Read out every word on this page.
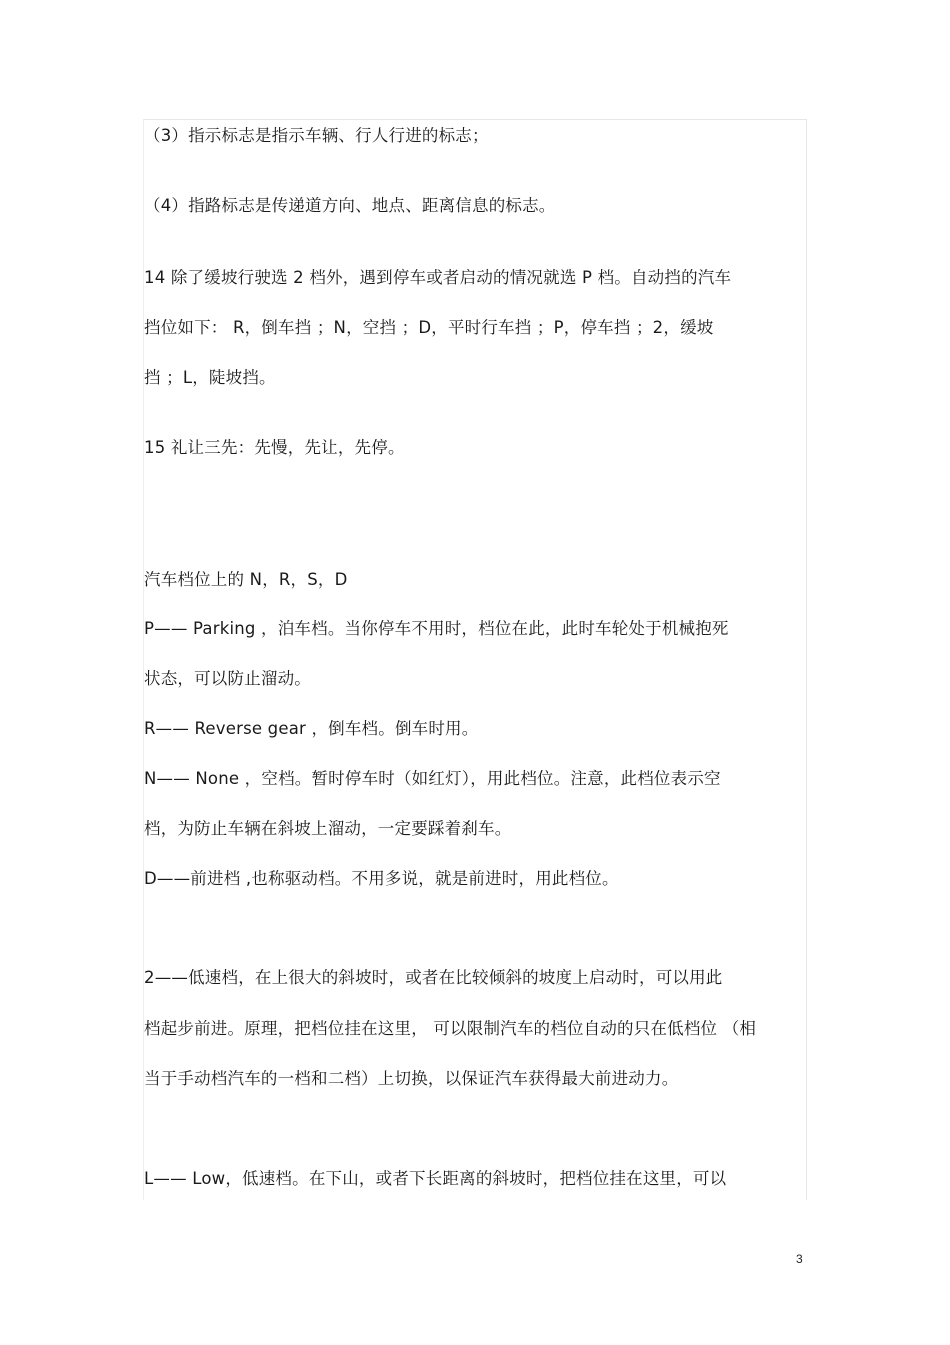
（3）指示标志是指示车辆、行人行进的标志；
（4）指路标志是传递道方向、地点、距离信息的标志。
14 除了缓坡行驶选 2 档外，遇到停车或者启动的情况就选 P 档。自动挡的汽车
挡位如下： R，倒车挡 ；N，空挡 ；D，平时行车挡 ；P，停车挡 ；2，缓坡
挡 ；L，陡坡挡。
15 礼让三先：先慢，先让，先停。
汽车档位上的 N，R，S，D
P—— Parking ，泊车档。当你停车不用时，档位在此，此时车轮处于机械抱死
状态，可以防止溜动。
R—— Reverse gear ，倒车档。倒车时用。
N—— None ，空档。暂时停车时（如红灯），用此档位。注意，此档位表示空
档，为防止车辆在斜坡上溜动，一定要踩着刹车。
D——前进档 ,也称驱动档。不用多说，就是前进时，用此档位。
2——低速档，在上很大的斜坡时，或者在比较倾斜的坡度上启动时，可以用此
档起步前进。原理，把档位挂在这里， 可以限制汽车的档位自动的只在低档位 （相
当于手动档汽车的一档和二档）上切换，以保证汽车获得最大前进动力。
L—— Low，低速档。在下山，或者下长距离的斜坡时，把档位挂在这里，可以
3
